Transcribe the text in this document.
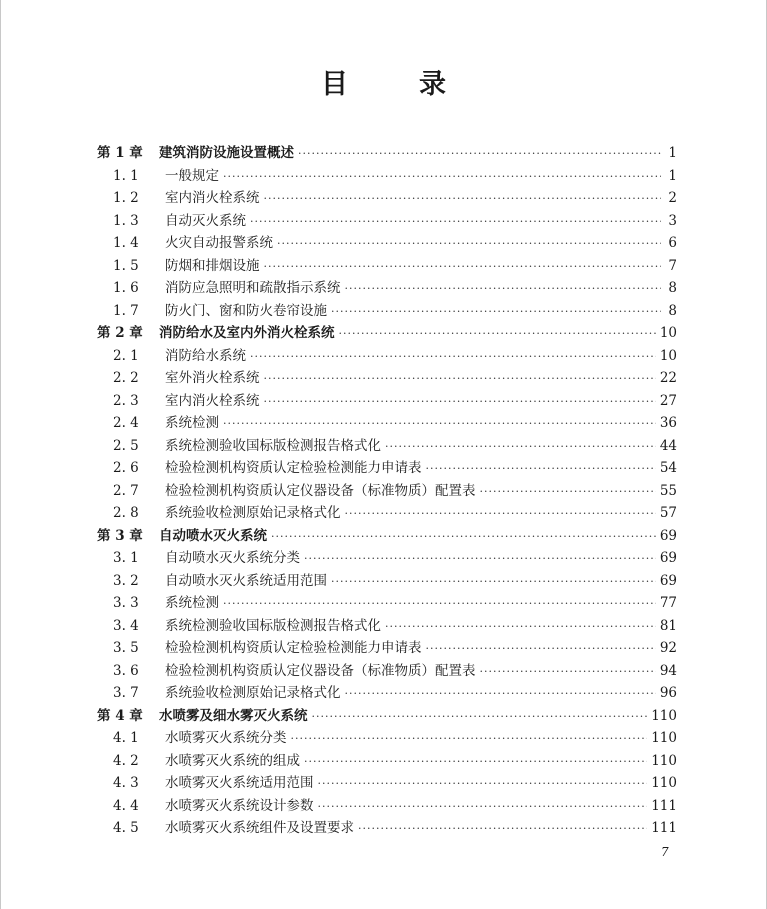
目　录
第 1 章	建筑消防设施设置概述 ·····	1
1. 1	一般规定 ·····	1
1. 2	室内消火栓系统 ·····	2
1. 3	自动灭火系统 ·····	3
1. 4	火灾自动报警系统 ·····	6
1. 5	防烟和排烟设施 ·····	7
1. 6	消防应急照明和疏散指示系统 ·····	8
1. 7	防火门、窗和防火卷帘设施 ·····	8
第 2 章	消防给水及室内外消火栓系统 ·····	10
2. 1	消防给水系统 ·····	10
2. 2	室外消火栓系统 ·····	22
2. 3	室内消火栓系统 ·····	27
2. 4	系统检测 ·····	36
2. 5	系统检测验收国标版检测报告格式化 ·····	44
2. 6	检验检测机构资质认定检验检测能力申请表 ·····	54
2. 7	检验检测机构资质认定仪器设备（标准物质）配置表 ·····	55
2. 8	系统验收检测原始记录格式化 ·····	57
第 3 章	自动喷水灭火系统 ·····	69
3. 1	自动喷水灭火系统分类 ·····	69
3. 2	自动喷水灭火系统适用范围 ·····	69
3. 3	系统检测 ·····	77
3. 4	系统检测验收国标版检测报告格式化 ·····	81
3. 5	检验检测机构资质认定检验检测能力申请表 ·····	92
3. 6	检验检测机构资质认定仪器设备（标准物质）配置表 ·····	94
3. 7	系统验收检测原始记录格式化 ·····	96
第 4 章	水喷雾及细水雾灭火系统 ·····	110
4. 1	水喷雾灭火系统分类 ·····	110
4. 2	水喷雾灭火系统的组成 ·····	110
4. 3	水喷雾灭火系统适用范围 ·····	110
4. 4	水喷雾灭火系统设计参数 ·····	111
4. 5	水喷雾灭火系统组件及设置要求 ·····	111
7
